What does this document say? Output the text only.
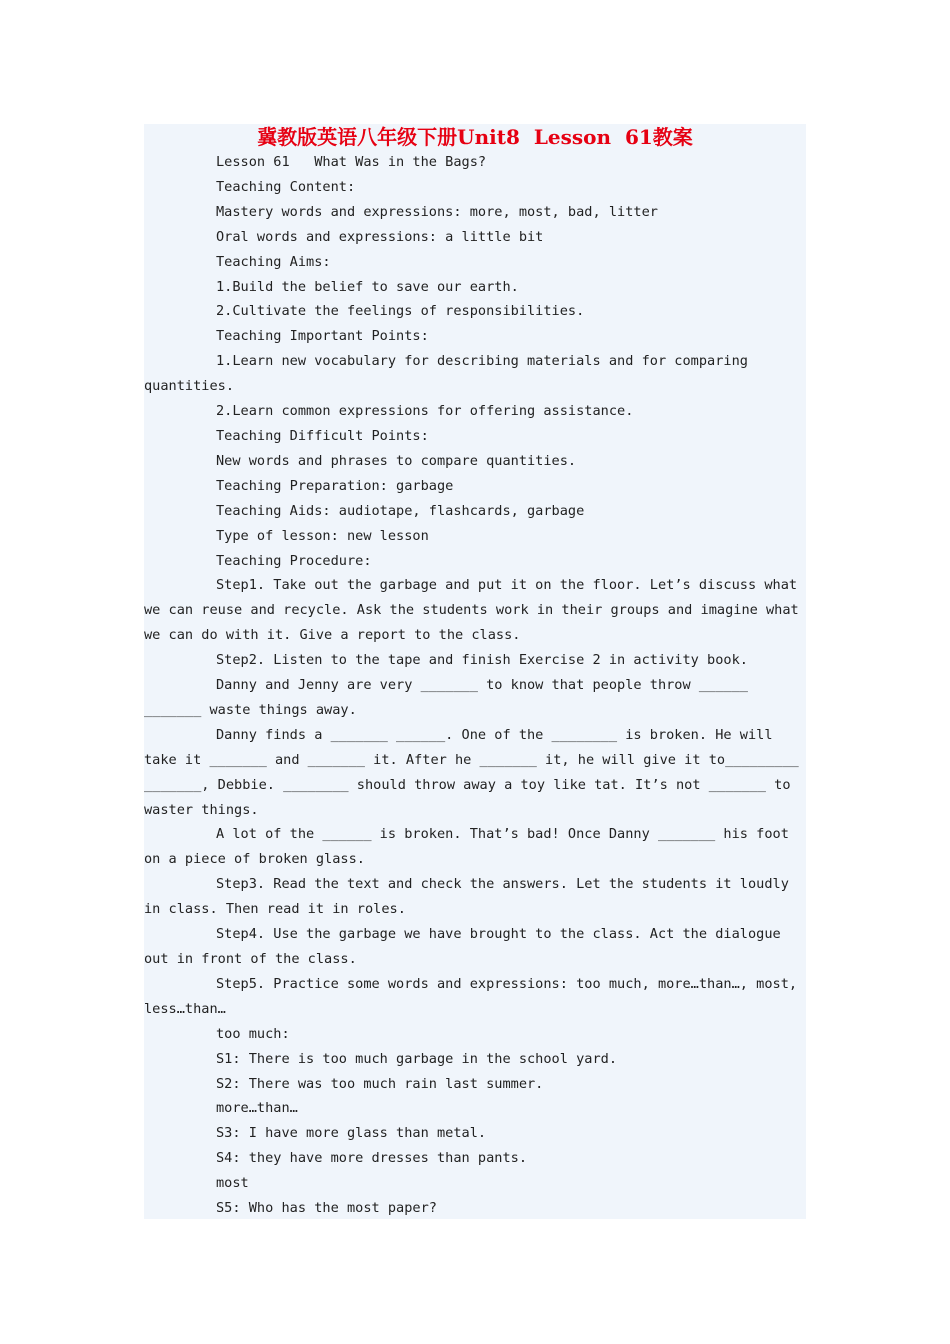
冀教版英语八年级下册Unit8  Lesson  61教案

Lesson 61   What Was in the Bags?

Teaching Content:

Mastery words and expressions: more, most, bad, litter

Oral words and expressions: a little bit

Teaching Aims:

1.Build the belief to save our earth.

2.Cultivate the feelings of responsibilities.

Teaching Important Points:

1.Learn new vocabulary for describing materials and for comparing quantities.

2.Learn common expressions for offering assistance.

Teaching Difficult Points:

New words and phrases to compare quantities.

Teaching Preparation: garbage

Teaching Aids: audiotape, flashcards, garbage

Type of lesson: new lesson

Teaching Procedure:

Step1. Take out the garbage and put it on the floor. Let’s discuss what we can reuse and recycle. Ask the students work in their groups and imagine what we can do with it. Give a report to the class.

Step2. Listen to the tape and finish Exercise 2 in activity book.

Danny and Jenny are very _______ to know that people throw ______ _______ waste things away.

Danny finds a _______ ______. One of the ________ is broken. He will take it _______ and _______ it. After he _______ it, he will give it to_________ _______, Debbie. ________ should throw away a toy like tat. It’s not _______ to waster things.

A lot of the ______ is broken. That’s bad! Once Danny _______ his foot on a piece of broken glass.

Step3. Read the text and check the answers. Let the students it loudly in class. Then read it in roles.

Step4. Use the garbage we have brought to the class. Act the dialogue out in front of the class.

Step5. Practice some words and expressions: too much, more…than…, most, less…than…

too much:

S1: There is too much garbage in the school yard.

S2: There was too much rain last summer.

more…than…

S3: I have more glass than metal.

S4: they have more dresses than pants.

most

S5: Who has the most paper?
